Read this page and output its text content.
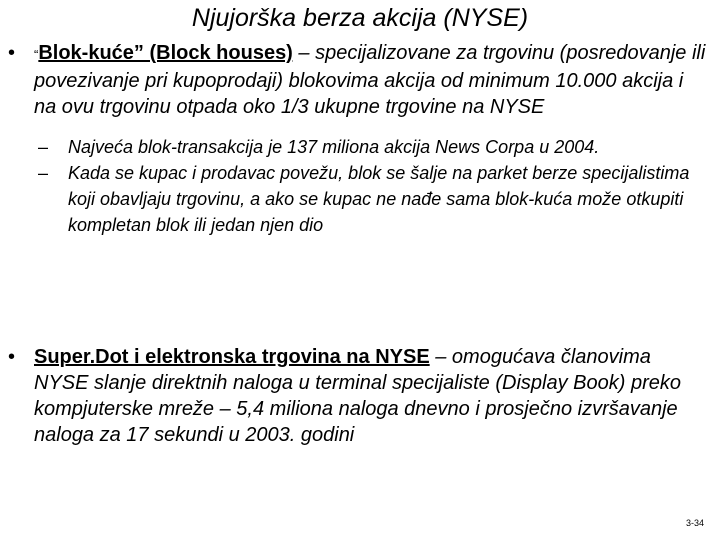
Njujorška berza akcija (NYSE)
•	“Blok-kuće” (Block houses) – specijalizovane za trgovinu (posredovanje ili povezivanje pri kupoprodaji) blokovima akcija od minimum 10.000 akcija i na ovu trgovinu otpada oko 1/3 ukupne trgovine na NYSE
–	Najveća blok-transakcija je 137 miliona akcija News Corpa u 2004.
–	Kada se kupac i prodavac povežu, blok se šalje na parket berze specijalistima koji obavljaju trgovinu, a ako se kupac ne nađe sama blok-kuća može otkupiti kompletan blok ili jedan njen dio
• Super.Dot i elektronska trgovina na NYSE – omogućava članovima NYSE slanje direktnih naloga u terminal specijaliste (Display Book) preko kompjuterske mreže – 5,4 miliona naloga dnevno i prosječno izvršavanje naloga za 17 sekundi u 2003. godini
3-34
